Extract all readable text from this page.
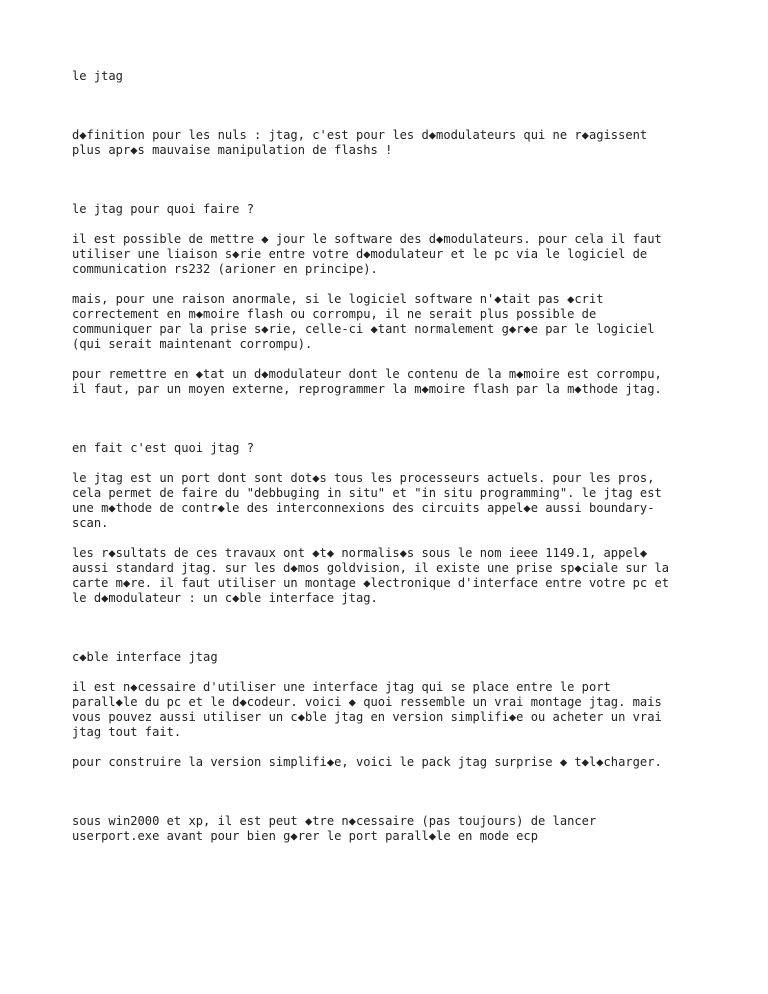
le jtag

d◆finition pour les nuls : jtag, c'est pour les d◆modulateurs qui ne r◆agissent
plus apr◆s mauvaise manipulation de flashs !

le jtag pour quoi faire ?

il est possible de mettre ◆ jour le software des d◆modulateurs. pour cela il faut
utiliser une liaison s◆rie entre votre d◆modulateur et le pc via le logiciel de
communication rs232 (arioner en principe).

mais, pour une raison anormale, si le logiciel software n'◆tait pas ◆crit
correctement en m◆moire flash ou corrompu, il ne serait plus possible de
communiquer par la prise s◆rie, celle-ci ◆tant normalement g◆r◆e par le logiciel
(qui serait maintenant corrompu).

pour remettre en ◆tat un d◆modulateur dont le contenu de la m◆moire est corrompu,
il faut, par un moyen externe, reprogrammer la m◆moire flash par la m◆thode jtag.

en fait c'est quoi jtag ?

le jtag est un port dont sont dot◆s tous les processeurs actuels. pour les pros,
cela permet de faire du "debbuging in situ" et "in situ programming". le jtag est
une m◆thode de contr◆le des interconnexions des circuits appel◆e aussi boundary-
scan.

les r◆sultats de ces travaux ont ◆t◆ normalis◆s sous le nom ieee 1149.1, appel◆
aussi standard jtag. sur les d◆mos goldvision, il existe une prise sp◆ciale sur la
carte m◆re. il faut utiliser un montage ◆lectronique d'interface entre votre pc et
le d◆modulateur : un c◆ble interface jtag.

c◆ble interface jtag

il est n◆cessaire d'utiliser une interface jtag qui se place entre le port
parall◆le du pc et le d◆codeur. voici ◆ quoi ressemble un vrai montage jtag. mais
vous pouvez aussi utiliser un c◆ble jtag en version simplifi◆e ou acheter un vrai
jtag tout fait.

pour construire la version simplifi◆e, voici le pack jtag surprise ◆ t◆l◆charger.

sous win2000 et xp, il est peut ◆tre n◆cessaire (pas toujours) de lancer
userport.exe avant pour bien g◆rer le port parall◆le en mode ecp
